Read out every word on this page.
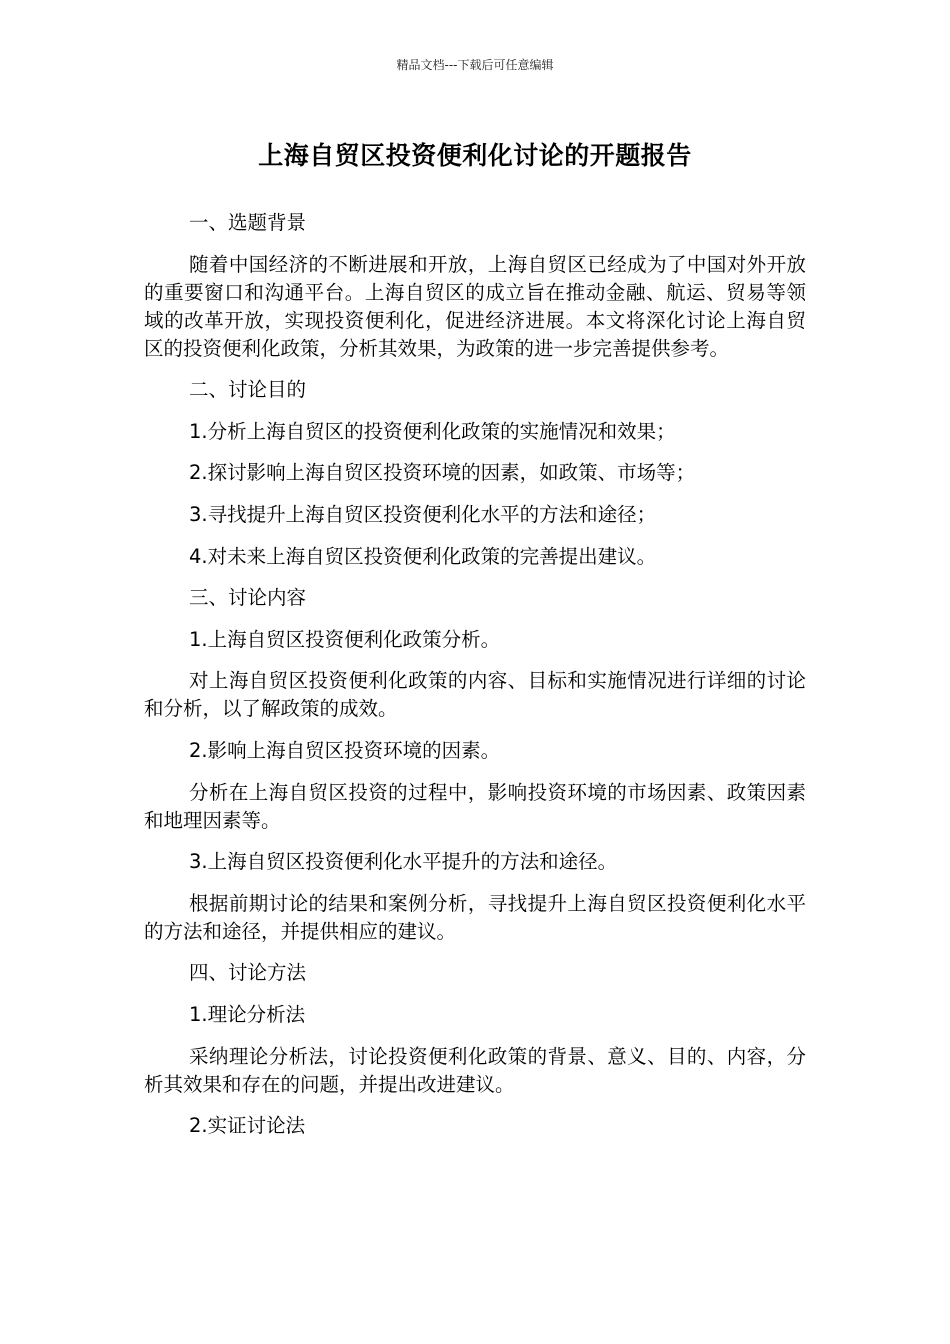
精品文档---下载后可任意编辑
上海自贸区投资便利化讨论的开题报告

一、选题背景

随着中国经济的不断进展和开放，上海自贸区已经成为了中国对外开放的重要窗口和沟通平台。上海自贸区的成立旨在推动金融、航运、贸易等领域的改革开放，实现投资便利化，促进经济进展。本文将深化讨论上海自贸区的投资便利化政策，分析其效果，为政策的进一步完善提供参考。

二、讨论目的

1.分析上海自贸区的投资便利化政策的实施情况和效果；

2.探讨影响上海自贸区投资环境的因素，如政策、市场等；

3.寻找提升上海自贸区投资便利化水平的方法和途径；

4.对未来上海自贸区投资便利化政策的完善提出建议。

三、讨论内容

1.上海自贸区投资便利化政策分析。

对上海自贸区投资便利化政策的内容、目标和实施情况进行详细的讨论和分析，以了解政策的成效。

2.影响上海自贸区投资环境的因素。

分析在上海自贸区投资的过程中，影响投资环境的市场因素、政策因素和地理因素等。

3.上海自贸区投资便利化水平提升的方法和途径。

根据前期讨论的结果和案例分析，寻找提升上海自贸区投资便利化水平的方法和途径，并提供相应的建议。

四、讨论方法

1.理论分析法

采纳理论分析法，讨论投资便利化政策的背景、意义、目的、内容，分析其效果和存在的问题，并提出改进建议。

2.实证讨论法
